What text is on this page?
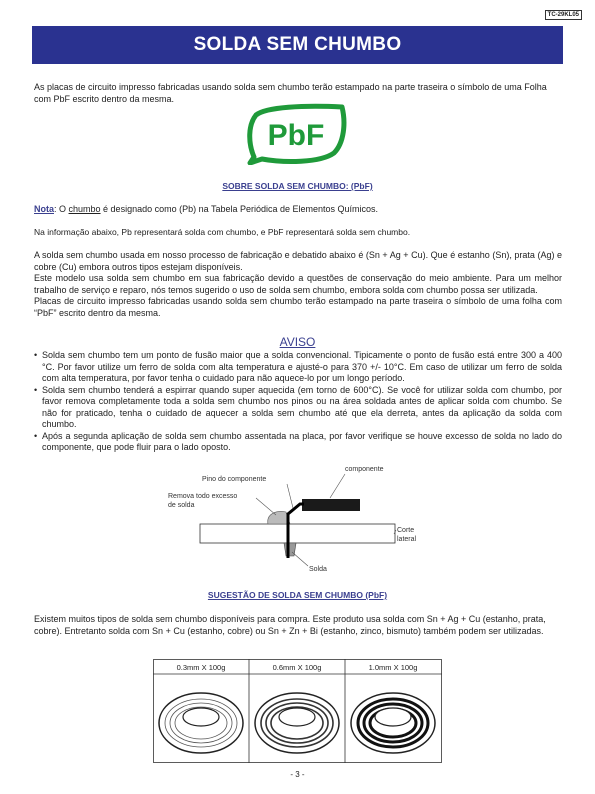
TC-29KL05
SOLDA SEM CHUMBO

As placas de circuito impresso fabricadas usando solda sem chumbo terão estampado na parte traseira o símbolo de uma Folha com PbF escrito dentro da mesma.

PbF
SOBRE SOLDA SEM CHUMBO: (PbF)

Nota: O chumbo é designado como (Pb) na Tabela Periódica de Elementos Químicos.

Na informação abaixo, Pb representará solda com chumbo, e PbF representará solda sem chumbo.

A solda sem chumbo usada em nosso processo de fabricação e debatido abaixo é (Sn + Ag + Cu). Que é estanho (Sn), prata (Ag) e cobre (Cu) embora outros tipos estejam disponíveis.
Este modelo usa solda sem chumbo em sua fabricação devido a questões de conservação do meio ambiente. Para um melhor trabalho de serviço e reparo, nós temos sugerido o uso de solda sem chumbo, embora solda com chumbo possa ser utilizada.
Placas de circuito impresso fabricadas usando solda sem chumbo terão estampado na parte traseira o símbolo de uma folha com “PbF” escrito dentro da mesma.
AVISO
• Solda sem chumbo tem um ponto de fusão maior que a solda convencional. Tipicamente o ponto de fusão está entre 300 a 400 °C. Por favor utilize um ferro de solda com alta temperatura e ajusté-o para 370 +/- 10°C. Em caso de utilizar um ferro de solda com alta temperatura, por favor tenha o cuidado para não aquece-lo por um longo período.
• Solda sem chumbo tenderá a espirrar quando super aquecida (em torno de 600°C). Se você for utilizar solda com chumbo, por favor remova completamente toda a solda sem chumbo nos pinos ou na área soldada antes de aplicar solda com chumbo. Se não for praticado, tenha o cuidado de aquecer a solda sem chumbo até que ela derreta, antes da aplicação da solda com chumbo.
• Após a segunda aplicação de solda sem chumbo assentada na placa, por favor verifique se houve excesso de solda no lado do componente, que pode fluir para o lado oposto.
componente
Pino do componente
Remova todo excesso
de solda
Corte
lateral
Solda
SUGESTÃO DE SOLDA SEM CHUMBO (PbF)

Existem muitos tipos de solda sem chumbo disponíveis para compra. Este produto usa solda com Sn + Ag + Cu (estanho, prata, cobre). Entretanto solda com Sn + Cu (estanho, cobre) ou Sn + Zn + Bi (estanho, zinco, bismuto) também podem ser utilizadas.

0.3mm X 100g	0.6mm X 100g	1.0mm X 100g
- 3 -
